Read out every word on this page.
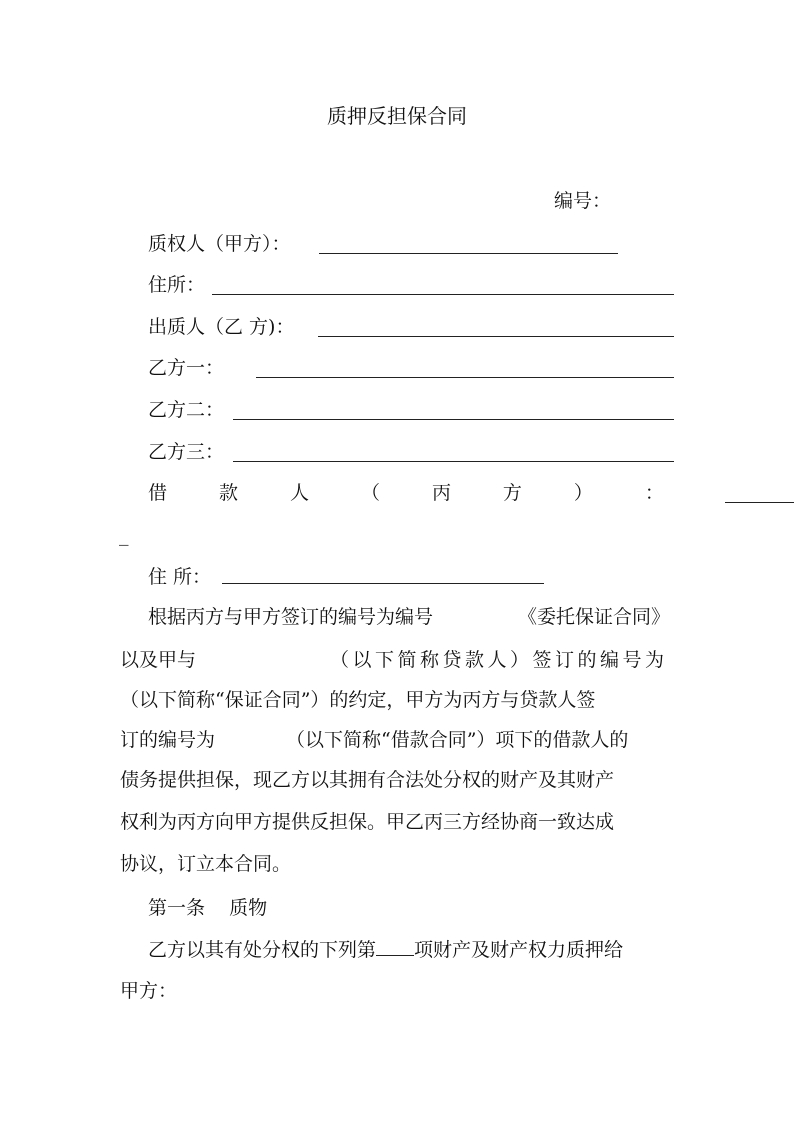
质押反担保合同
编号：
质权人（甲方）：
住所：
出质人（乙 方)：
乙方一：
乙方二：
乙方三：
借	款	人	（	丙	方	）	：
_
住 所：
根据丙方与甲方签订的编号为编号	《委托保证合同》
以及甲与	（以下简称贷款人）签订的编号为
（以下简称“保证合同”）的约定，甲方为丙方与贷款人签
订的编号为	（以下简称“借款合同”）项下的借款人的
债务提供担保，现乙方以其拥有合法处分权的财产及其财产
权利为丙方向甲方提供反担保。甲乙丙三方经协商一致达成
协议，订立本合同。
第一条    质物
乙方以其有处分权的下列第 项财产及财产权力质押给
甲方：
